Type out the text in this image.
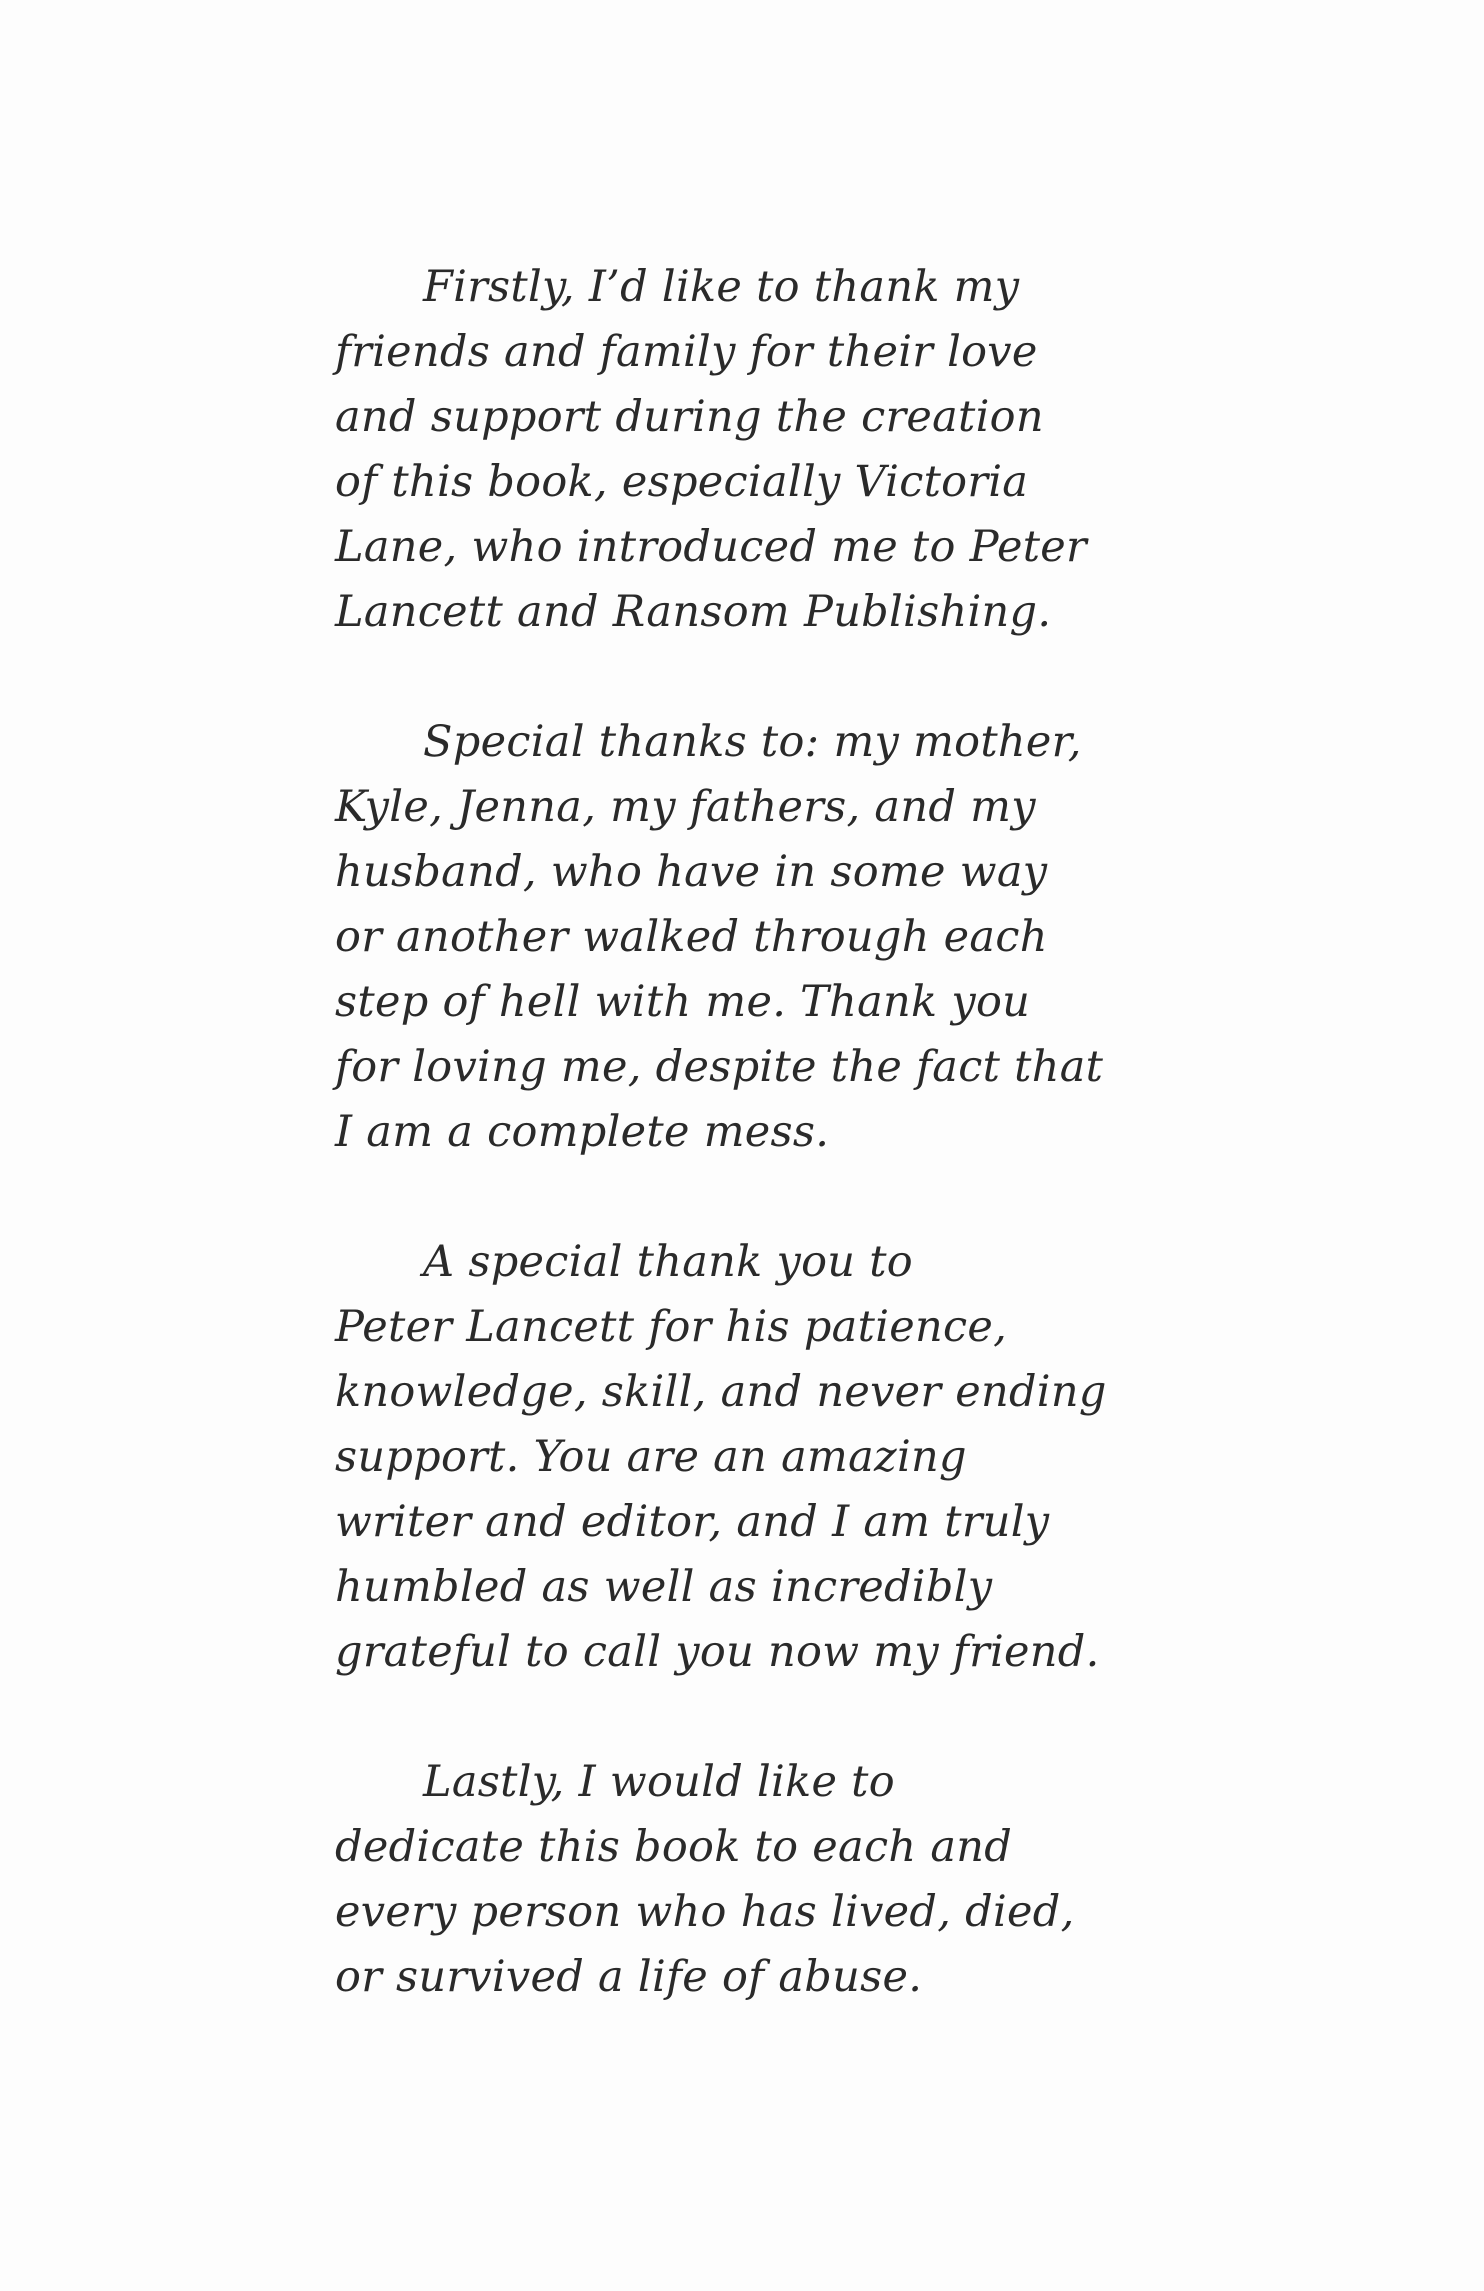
Firstly, I’d like to thank my
friends and family for their love
and support during the creation
of this book, especially Victoria
Lane, who introduced me to Peter
Lancett and Ransom Publishing.

Special thanks to: my mother,
Kyle, Jenna, my fathers, and my
husband, who have in some way
or another walked through each
step of hell with me. Thank you
for loving me, despite the fact that
I am a complete mess.

A special thank you to
Peter Lancett for his patience,
knowledge, skill, and never ending
support. You are an amazing
writer and editor, and I am truly
humbled as well as incredibly
grateful to call you now my friend.

Lastly, I would like to
dedicate this book to each and
every person who has lived, died,
or survived a life of abuse.
